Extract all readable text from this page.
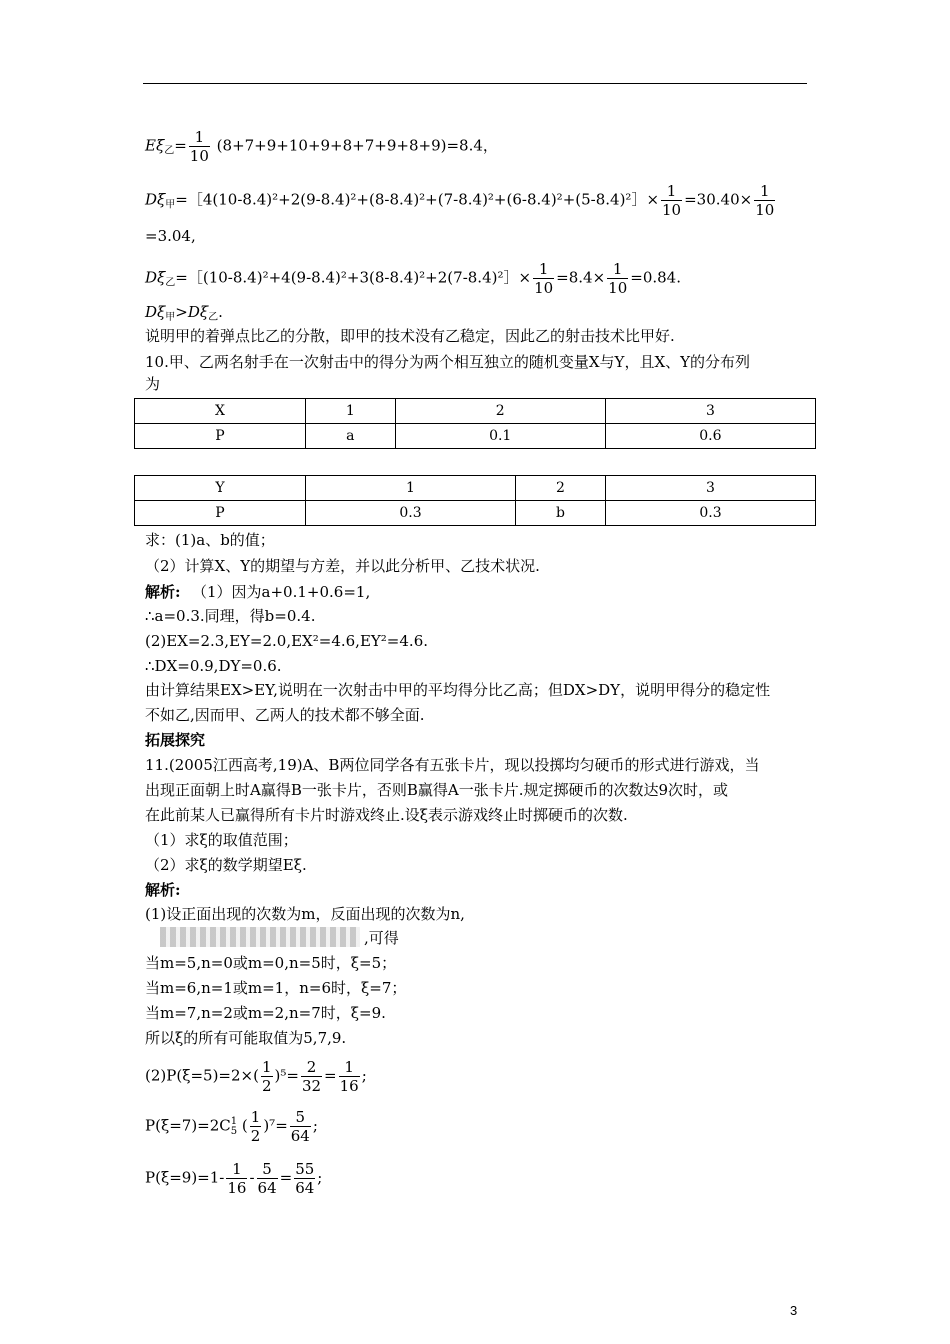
$E\xi_乙= \frac{1}{10} (8+7+9+10+9+8+7+9+8+9)=8.4$，
$D\xi_甲=[4(10-8.4)^2+2(9-8.4)^2+(8-8.4)^2+(7-8.4)^2+(6-8.4)^2+(5-8.4)^2]\times \frac{1}{10} =30.40\times \frac{1}{10}$
=3.04,
$D\xi_乙=[(10-8.4)^2+4(9-8.4)^2+3(8-8.4)^2+2(7-8.4)^2]\times \frac{1}{10} =8.4\times \frac{1}{10} =0.84$.
$D\xi_甲>D\xi_乙$.
说明甲的着弹点比乙的分散，即甲的技术没有乙稳定，因此乙的射击技术比甲好.
10.甲、乙两名射手在一次射击中的得分为两个相互独立的随机变量X与Y，且X、Y的分布列
为
X	1	2	3
P	a	0.1	0.6
Y	1	2	3
P	0.3	b	0.3
求：(1)a、b的值；
（2）计算X、Y的期望与方差，并以此分析甲、乙技术状况.
解析: （1）因为a+0.1+0.6=1,
∴a=0.3.同理，得b=0.4.
(2)EX=2.3,EY=2.0,EX²=4.6,EY²=4.6.
∴DX=0.9,DY=0.6.
由计算结果EX>EY,说明在一次射击中甲的平均得分比乙高；但DX>DY，说明甲得分的稳定性
不如乙,因而甲、乙两人的技术都不够全面.
拓展探究
11.(2005江西高考,19)A、B两位同学各有五张卡片，现以投掷均匀硬币的形式进行游戏，当
出现正面朝上时A赢得B一张卡片，否则B赢得A一张卡片.规定掷硬币的次数达9次时，或
在此前某人已赢得所有卡片时游戏终止.设ξ表示游戏终止时掷硬币的次数.
（1）求ξ的取值范围；
（2）求ξ的数学期望Eξ.
解析:
(1)设正面出现的次数为m，反面出现的次数为n,
,可得
当m=5,n=0或m=0,n=5时，ξ=5；
当m=6,n=1或m=1，n=6时，ξ=7；
当m=7,n=2或m=2,n=7时，ξ=9.
所以ξ的所有可能取值为5,7,9.
$(2)P(\xi=5)=2\times( \frac{1}{2} )^5= \frac{2}{32} = \frac{1}{16}$ ;
P(ξ=7)=2C 1
5 ( $\frac{1}{2} )^7= \frac{5}{64}$ ;
$P(\xi=9)=1- \frac{1}{16} - \frac{5}{64} = \frac{55}{64}$ ;
3
